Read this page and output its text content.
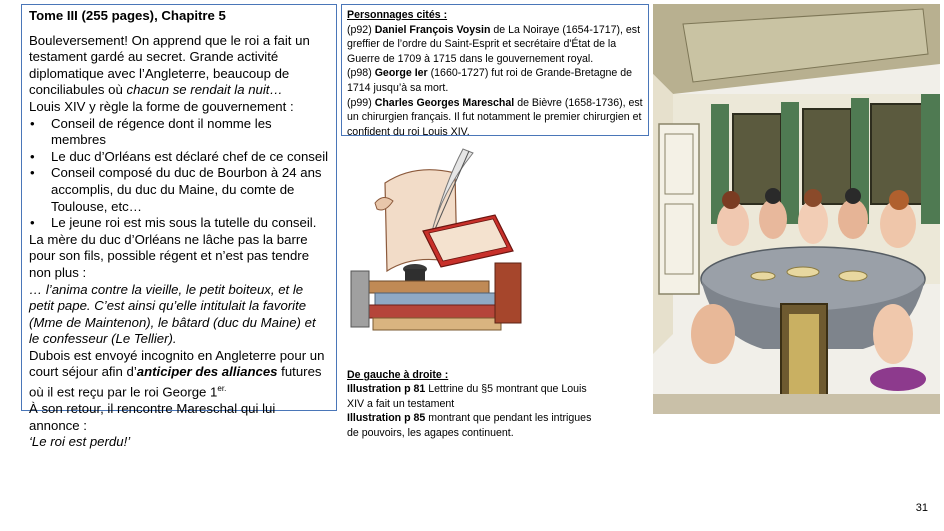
Tome III (255 pages), Chapitre 5

Bouleversement! On apprend que le roi a fait un testament gardé au secret. Grande activité diplomatique avec l’Angleterre, beaucoup de conciliabules où chacun se rendait la nuit…

Louis XIV y règle la forme de gouvernement :

• Conseil de régence dont il nomme les membres
• Le duc d’Orléans est déclaré chef de ce conseil
• Conseil composé du duc de Bourbon à 24 ans accomplis, du duc du Maine, du comte de Toulouse, etc…
• Le jeune roi est mis sous la tutelle du conseil.

La mère du duc d’Orléans ne lâche pas la barre pour son fils, possible régent et n’est pas tendre non plus :

… l’anima contre la vieille, le petit boiteux, et le petit pape. C’est ainsi qu’elle intitulait la favorite (Mme de Maintenon), le bâtard (duc du Maine) et le confesseur (Le Tellier).

Dubois est envoyé incognito en Angleterre pour un court séjour afin d’anticiper des alliances futures où il est reçu par le roi George $1^{er.}$

À son retour, il rencontre Mareschal qui lui annonce :

‘Le roi est perdu!’

Personnages cités :

(p92) Daniel François Voysin de La Noiraye (1654-1717), est greffier de l’ordre du Saint-Esprit et secrétaire d'État de la Guerre de 1709 à 1715 dans le gouvernement royal.

(p98) George Ier (1660-1727) fut roi de Grande-Bretagne de 1714 jusqu’à sa mort.

(p99) Charles Georges Mareschal de Bièvre (1658-1736), est un chirurgien français. Il fut notamment le premier chirurgien et confident du roi Louis XIV.

De gauche à droite :

Illustration p 81 Lettrine du §5 montrant que Louis XIV a fait un testament

Illustration p 85 montrant que pendant les intrigues de pouvoirs, les agapes continuent.

31
